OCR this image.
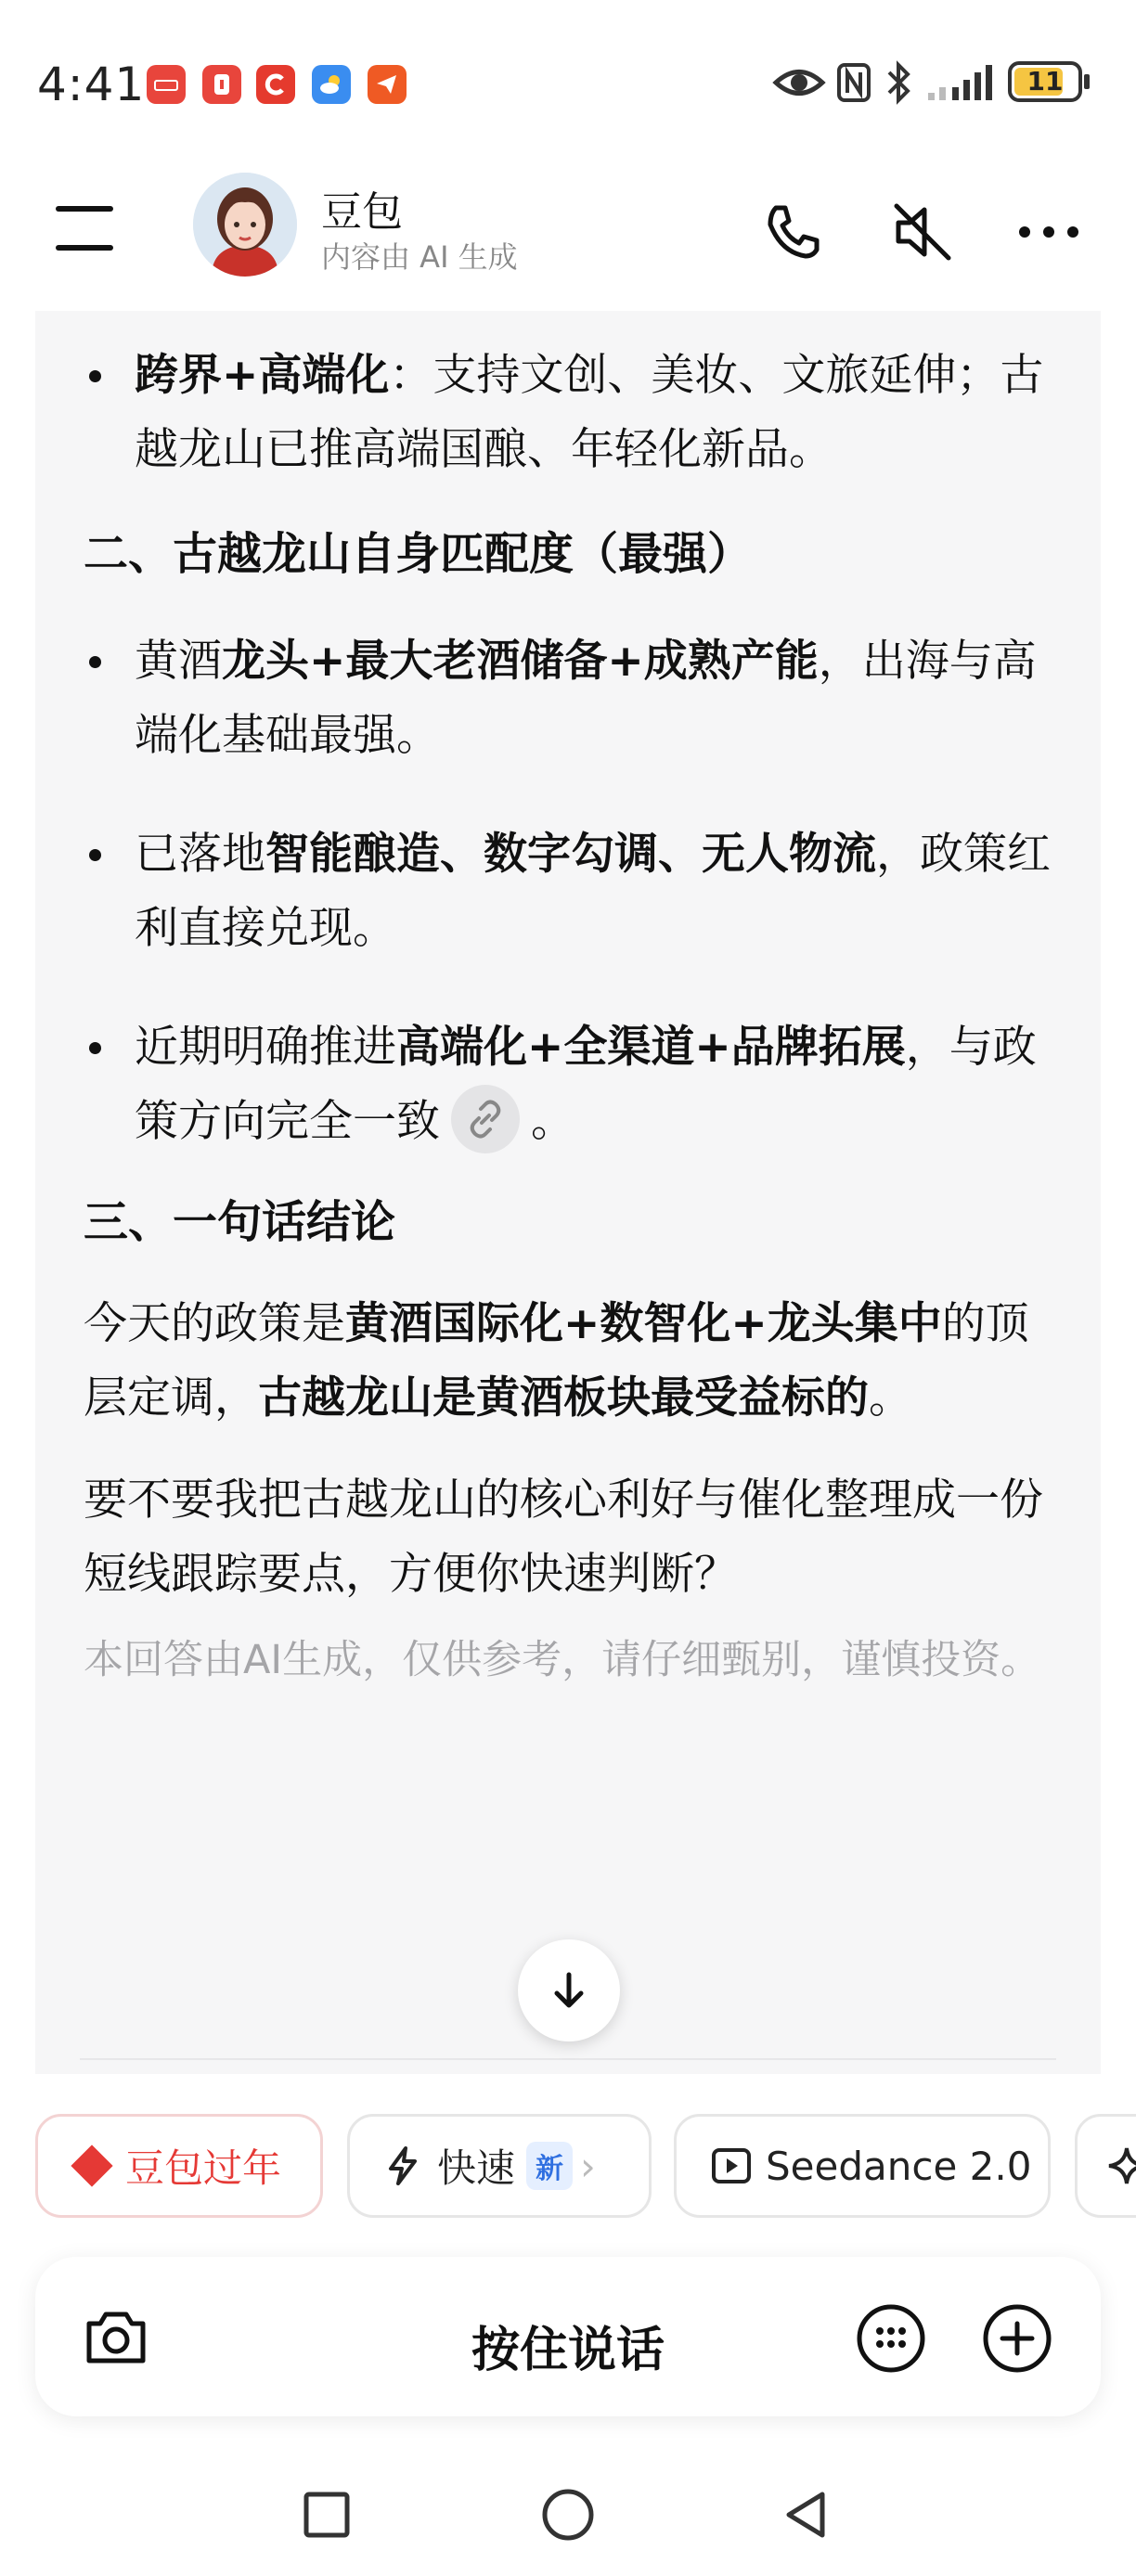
4:41	11
豆包
内容由 AI 生成
跨界+高端化：支持文创、美妆、文旅延伸；古越龙山已推高端国酿、年轻化新品。
二、古越龙山自身匹配度（最强）
黄酒龙头+最大老酒储备+成熟产能，出海与高端化基础最强。
已落地智能酿造、数字勾调、无人物流，政策红利直接兑现。
近期明确推进高端化+全渠道+品牌拓展，与政策方向完全一致 。
三、一句话结论
今天的政策是黄酒国际化+数智化+龙头集中的顶层定调，古越龙山是黄酒板块最受益标的。
要不要我把古越龙山的核心利好与催化整理成一份短线跟踪要点，方便你快速判断？
本回答由AI生成，仅供参考，请仔细甄别，谨慎投资。
豆包过年	快速 新 ›	Seedance 2.0
按住说话
